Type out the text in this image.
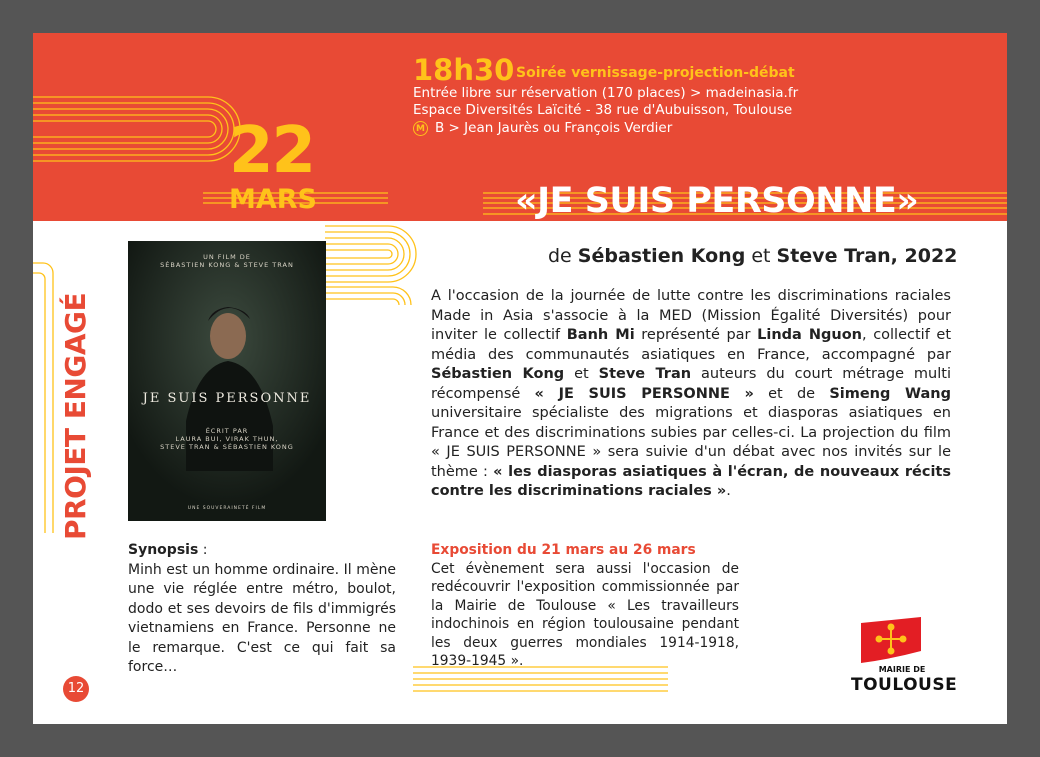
18h30 Soirée vernissage-projection-débat
Entrée libre sur réservation (170 places) > madeinasia.fr
Espace Diversités Laïcité - 38 rue d'Aubuisson, Toulouse
M B > Jean Jaurès ou François Verdier
22
MARS	«JE SUIS PERSONNE»
PROJET ENGAGÉ
UN FILM DE
SÉBASTIEN KONG & STEVE TRAN
JE SUIS PERSONNE
ÉCRIT PAR
LAURA BUI, VIRAK THUN,
STEVE TRAN & SÉBASTIEN KONG
UNE SOUVERAINETÉ FILM
de Sébastien Kong et Steve Tran, 2022
A l'occasion de la journée de lutte contre les discriminations raciales Made in Asia s'associe à la MED (Mission Égalité Diversités) pour inviter le collectif Banh Mi représenté par Linda Nguon, collectif et média des communautés asiatiques en France, accompagné par Sébastien Kong et Steve Tran auteurs du court métrage multi récompensé « JE SUIS PERSONNE » et de Simeng Wang universitaire spécialiste des migrations et diasporas asiatiques en France et des discriminations subies par celles-ci. La projection du film « JE SUIS PERSONNE » sera suivie d'un débat avec nos invités sur le thème : « les diasporas asiatiques à l'écran, de nouveaux récits contre les discriminations raciales ».
Synopsis :
Minh est un homme ordinaire. Il mène une vie réglée entre métro, boulot, dodo et ses devoirs de fils d'immigrés vietnamiens en France. Personne ne le remarque. C'est ce qui fait sa force…
Exposition du 21 mars au 26 mars
Cet évènement sera aussi l'occasion de redécouvrir l'exposition commissionnée par la Mairie de Toulouse « Les travailleurs indochinois en région toulousaine pendant les deux guerres mondiales 1914-1918, 1939-1945 ».
12
MAIRIE DE
TOULOUSE
